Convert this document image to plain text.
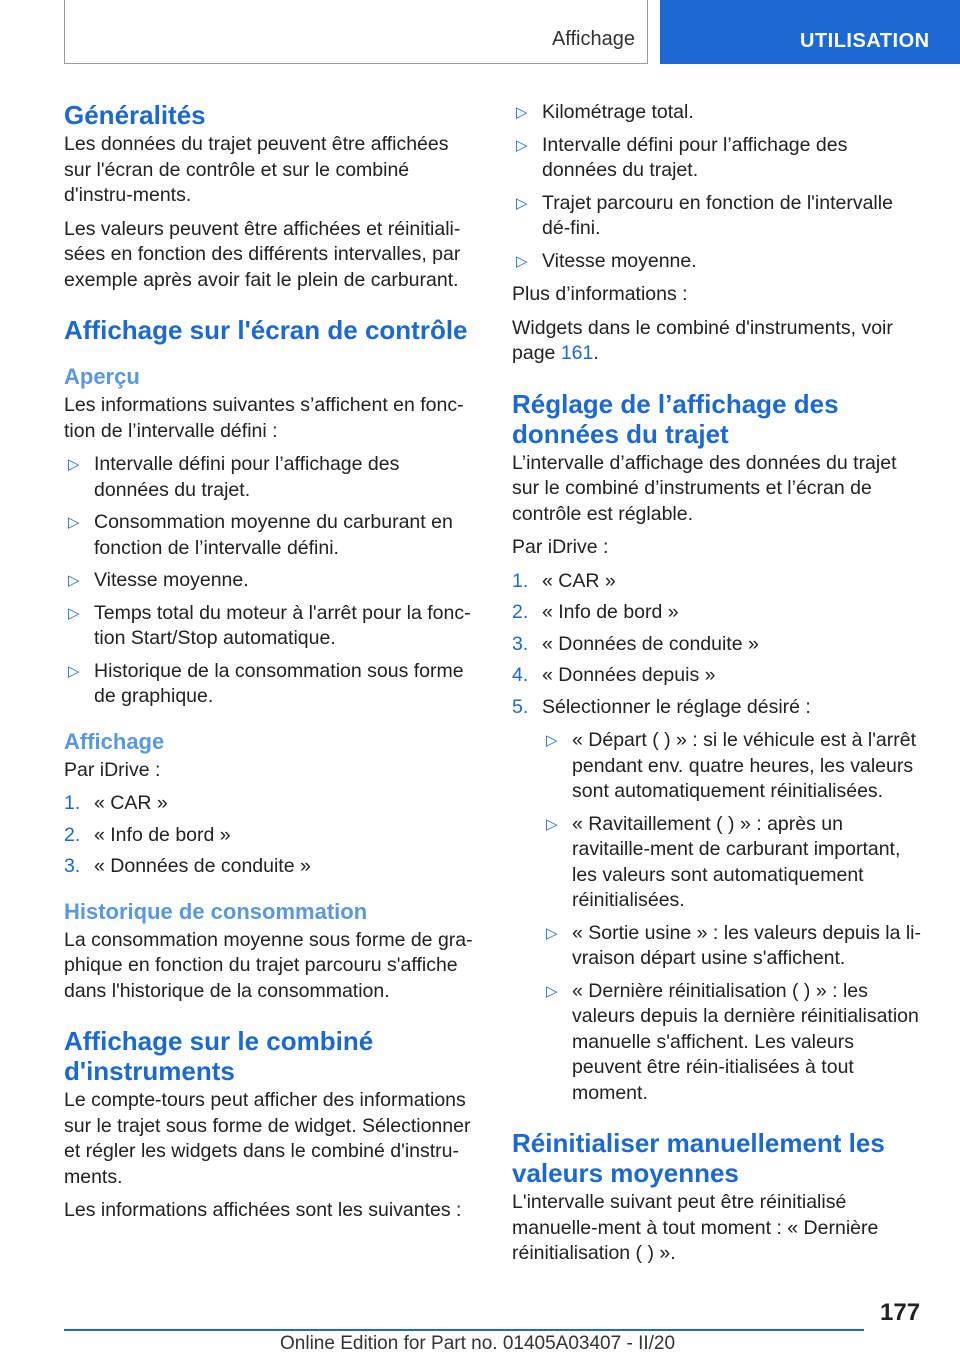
Affichage	UTILISATION
Généralités

Les données du trajet peuvent être affichées sur l'écran de contrôle et sur le combiné d'instru-ments.

Les valeurs peuvent être affichées et réinitiali-sées en fonction des différents intervalles, par exemple après avoir fait le plein de carburant.

Affichage sur l'écran de contrôle
Aperçu

Les informations suivantes s’affichent en fonc-tion de l’intervalle défini :

▷ Intervalle défini pour l’affichage des données du trajet.
▷ Consommation moyenne du carburant en fonction de l’intervalle défini.
▷ Vitesse moyenne.
▷ Temps total du moteur à l'arrêt pour la fonc-tion Start/Stop automatique.
▷ Historique de la consommation sous forme de graphique.
Affichage

Par iDrive :

1. « CAR »
2. « Info de bord »
3. « Données de conduite »
Historique de consommation

La consommation moyenne sous forme de gra-phique en fonction du trajet parcouru s'affiche dans l'historique de la consommation.

Affichage sur le combiné d'instruments

Le compte-tours peut afficher des informations sur le trajet sous forme de widget. Sélectionner et régler les widgets dans le combiné d'instru-ments.

Les informations affichées sont les suivantes :

▷ Kilométrage total.
▷ Intervalle défini pour l’affichage des données du trajet.
▷ Trajet parcouru en fonction de l'intervalle dé-fini.
▷ Vitesse moyenne.

Plus d’informations :

Widgets dans le combiné d'instruments, voir page 161.

Réglage de l’affichage des données du trajet

L’intervalle d’affichage des données du trajet sur le combiné d’instruments et l’écran de contrôle est réglable.

Par iDrive :

1. « CAR »
2. « Info de bord »
3. « Données de conduite »
4. « Données depuis »
5. Sélectionner le réglage désiré :
▷ « Départ ( ) » : si le véhicule est à l'arrêt pendant env. quatre heures, les valeurs sont automatiquement réinitialisées.
▷ « Ravitaillement ( ) » : après un ravitaille-ment de carburant important, les valeurs sont automatiquement réinitialisées.
▷ « Sortie usine » : les valeurs depuis la li-vraison départ usine s'affichent.
▷ « Dernière réinitialisation ( ) » : les valeurs depuis la dernière réinitialisation manuelle s'affichent. Les valeurs peuvent être réin-itialisées à tout moment.
Réinitialiser manuellement les valeurs moyennes

L'intervalle suivant peut être réinitialisé manuelle-ment à tout moment : « Dernière réinitialisation ( ) ».

177
Online Edition for Part no. 01405A03407 - II/20
